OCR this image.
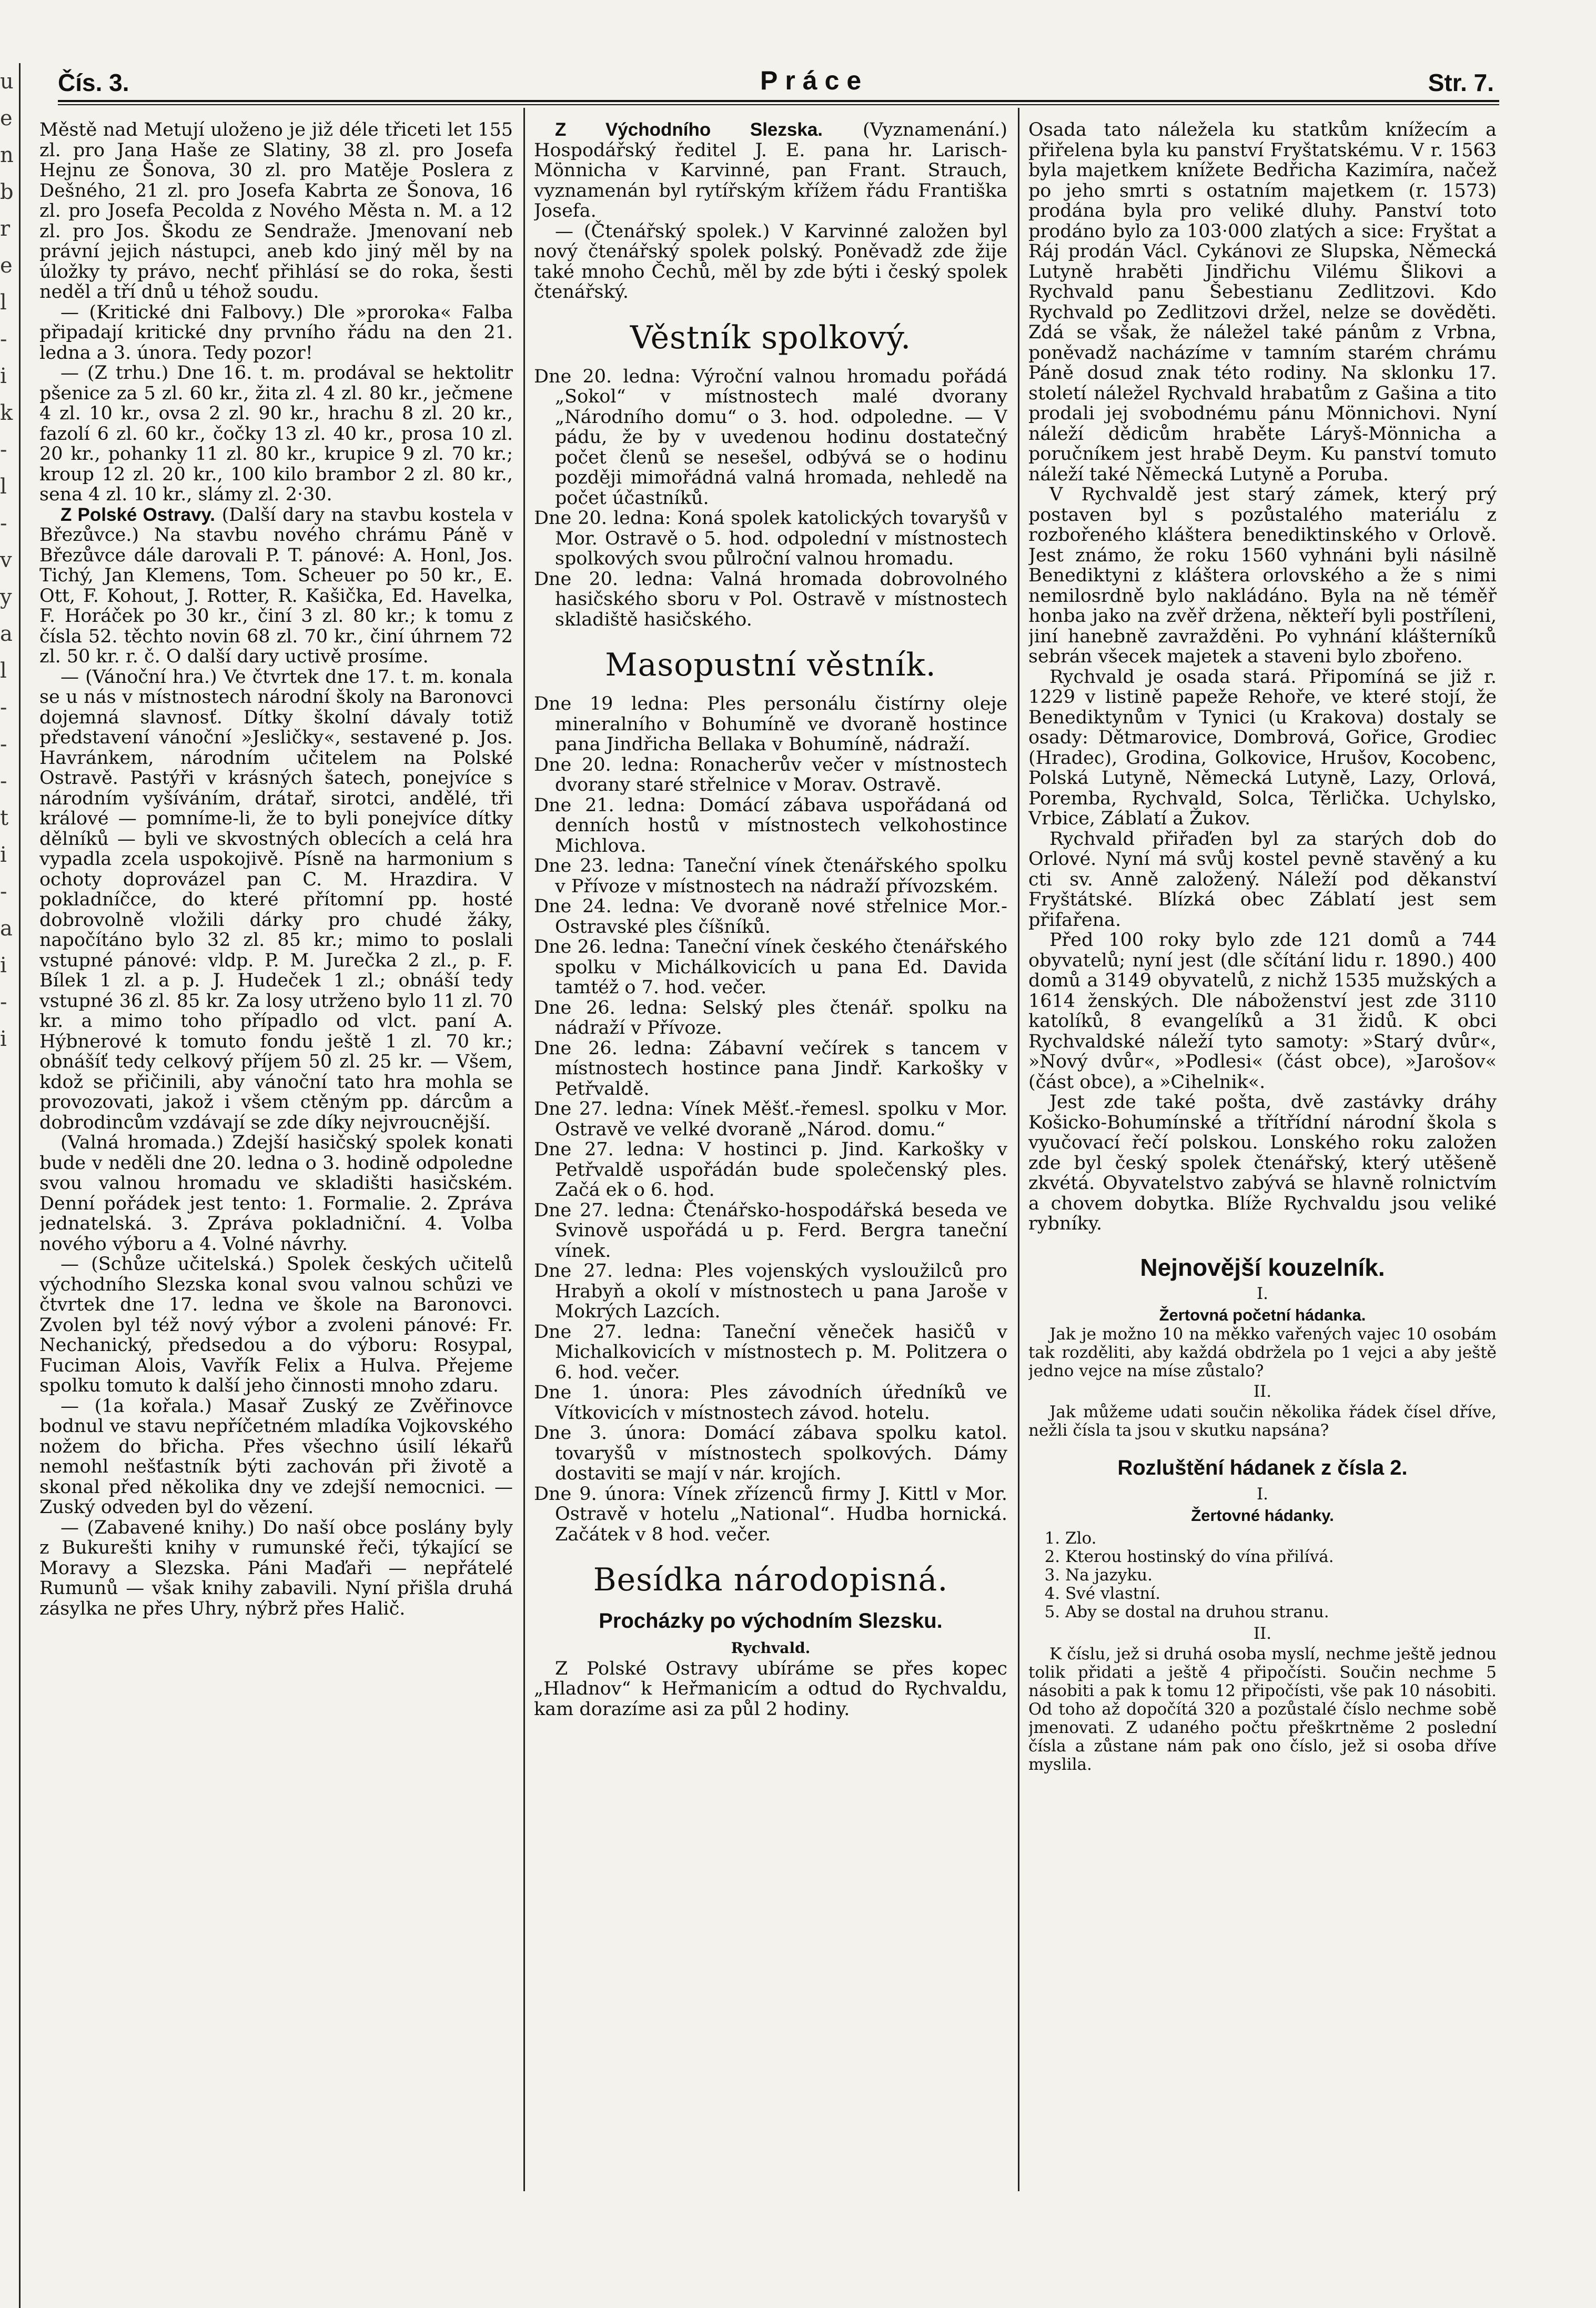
u e n b r e l - i k - l - v y a l - - - t i - a i - i
Čís. 3.	Práce	Str. 7.

Městě nad Metují uloženo je již déle třiceti let 155 zl. pro Jana Haše ze Slatiny, 38 zl. pro Josefa Hejnu ze Šonova, 30 zl. pro Matěje Poslera z Dešného, 21 zl. pro Josefa Kabrta ze Šonova, 16 zl. pro Josefa Pecolda z Nového Města n. M. a 12 zl. pro Jos. Škodu ze Sendraže. Jmenovaní neb právní jejich nástupci, aneb kdo jiný měl by na úložky ty právo, nechť přihlásí se do roka, šesti neděl a tří dnů u téhož soudu.

— (Kritické dni Falbovy.) Dle »proroka« Falba připadají kritické dny prvního řádu na den 21. ledna a 3. února. Tedy pozor!

— (Z trhu.) Dne 16. t. m. prodával se hektolitr pšenice za 5 zl. 60 kr., žita zl. 4 zl. 80 kr., ječmene 4 zl. 10 kr., ovsa 2 zl. 90 kr., hrachu 8 zl. 20 kr., fazolí 6 zl. 60 kr., čočky 13 zl. 40 kr., prosa 10 zl. 20 kr., pohanky 11 zl. 80 kr., krupice 9 zl. 70 kr.; kroup 12 zl. 20 kr., 100 kilo brambor 2 zl. 80 kr., sena 4 zl. 10 kr., slámy zl. 2·30.

Z Polské Ostravy. (Další dary na stavbu kostela v Březůvce.) Na stavbu nového chrámu Páně v Březůvce dále darovali P. T. pánové: A. Honl, Jos. Tichý, Jan Klemens, Tom. Scheuer po 50 kr., E. Ott, F. Kohout, J. Rotter, R. Kašička, Ed. Havelka, F. Horáček po 30 kr., činí 3 zl. 80 kr.; k tomu z čísla 52. těchto novin 68 zl. 70 kr., činí úhrnem 72 zl. 50 kr. r. č. O další dary uctivě prosíme.

— (Vánoční hra.) Ve čtvrtek dne 17. t. m. konala se u nás v místnostech národní školy na Baronovci dojemná slavnosť. Dítky školní dávaly totiž představení vánoční »Jesličky«, sestavené p. Jos. Havránkem, národním učitelem na Polské Ostravě. Pastýři v krásných šatech, ponejvíce s národním vyšíváním, drátař, sirotci, andělé, tři králové — pomníme-li, že to byli ponejvíce dítky dělníků — byli ve skvostných oblecích a celá hra vypadla zcela uspokojivě. Písně na harmonium s ochoty doprovázel pan C. M. Hrazdira. V pokladníčce, do které přítomní pp. hosté dobrovolně vložili dárky pro chudé žáky, napočítáno bylo 32 zl. 85 kr.; mimo to poslali vstupné pánové: vldp. P. M. Jurečka 2 zl., p. F. Bílek 1 zl. a p. J. Hudeček 1 zl.; obnáší tedy vstupné 36 zl. 85 kr. Za losy utrženo bylo 11 zl. 70 kr. a mimo toho případlo od vlct. paní A. Hýbnerové k tomuto fondu ještě 1 zl. 70 kr.; obnášíť tedy celkový příjem 50 zl. 25 kr. — Všem, kdož se přičinili, aby vánoční tato hra mohla se provozovati, jakož i všem ctěným pp. dárcům a dobrodincům vzdávají se zde díky nejvroucnější.

(Valná hromada.) Zdejší hasičský spolek konati bude v neděli dne 20. ledna o 3. hodině odpoledne svou valnou hromadu ve skladišti hasičském. Denní pořádek jest tento: 1. Formalie. 2. Zpráva jednatelská. 3. Zpráva pokladniční. 4. Volba nového výboru a 4. Volné návrhy.

— (Schůze učitelská.) Spolek českých učitelů východního Slezska konal svou valnou schůzi ve čtvrtek dne 17. ledna ve škole na Baronovci. Zvolen byl též nový výbor a zvoleni pánové: Fr. Nechanický, předsedou a do výboru: Rosypal, Fuciman Alois, Vavřík Felix a Hulva. Přejeme spolku tomuto k další jeho činnosti mnoho zdaru.

— (1a kořala.) Masař Zuský ze Zvěřinovce bodnul ve stavu nepříčetném mladíka Vojkovského nožem do břicha. Přes všechno úsilí lékařů nemohl nešťastník býti zachován při životě a skonal před několika dny ve zdejší nemocnici. — Zuský odveden byl do vězení.

— (Zabavené knihy.) Do naší obce poslány byly z Bukurešti knihy v rumunské řeči, týkající se Moravy a Slezska. Páni Maďaři — nepřátelé Rumunů — však knihy zabavili. Nyní přišla druhá zásylka ne přes Uhry, nýbrž přes Halič.

Z Východního Slezska. (Vyznamenání.) Hospodářský ředitel J. E. pana hr. Larisch-Mönnicha v Karvinné, pan Frant. Strauch, vyznamenán byl rytířským křížem řádu Františka Josefa.

— (Čtenářský spolek.) V Karvinné založen byl nový čtenářský spolek polský. Poněvadž zde žije také mnoho Čechů, měl by zde býti i český spolek čtenářský.

Věstník spolkový.

Dne 20. ledna: Výroční valnou hromadu pořádá „Sokol“ v místnostech malé dvorany „Národního domu“ o 3. hod. odpoledne. — V pádu, že by v uvedenou hodinu dostatečný počet členů se nesešel, odbývá se o hodinu později mimořádná valná hromada, nehledě na počet účastníků.

Dne 20. ledna: Koná spolek katolických tovaryšů v Mor. Ostravě o 5. hod. odpolední v místnostech spolkových svou půlroční valnou hromadu.

Dne 20. ledna: Valná hromada dobrovolného hasičského sboru v Pol. Ostravě v místnostech skladiště hasičského.

Masopustní věstník.

Dne 19 ledna: Ples personálu čistírny oleje mineralního v Bohumíně ve dvoraně hostince pana Jindřicha Bellaka v Bohumíně, nádraží.

Dne 20. ledna: Ronacherův večer v místnostech dvorany staré střelnice v Morav. Ostravě.

Dne 21. ledna: Domácí zábava uspořádaná od denních hostů v místnostech velkohostince Michlova.

Dne 23. ledna: Taneční vínek čtenářského spolku v Přívoze v místnostech na nádraží přívozském.

Dne 24. ledna: Ve dvoraně nové střelnice Mor.-Ostravské ples číšníků.

Dne 26. ledna: Taneční vínek českého čtenářského spolku v Michálkovicích u pana Ed. Davida tamtéž o 7. hod. večer.

Dne 26. ledna: Selský ples čtenář. spolku na nádraží v Přívoze.

Dne 26. ledna: Zábavní večírek s tancem v místnostech hostince pana Jindř. Karkošky v Petřvaldě.

Dne 27. ledna: Vínek Měšť.-řemesl. spolku v Mor. Ostravě ve velké dvoraně „Národ. domu.“

Dne 27. ledna: V hostinci p. Jind. Karkošky v Petřvaldě uspořádán bude společenský ples. Začá ek o 6. hod.

Dne 27. ledna: Čtenářsko-hospodářská beseda ve Svinově uspořádá u p. Ferd. Bergra taneční vínek.

Dne 27. ledna: Ples vojenských vysloužilců pro Hrabyň a okolí v místnostech u pana Jaroše v Mokrých Lazcích.

Dne 27. ledna: Taneční věneček hasičů v Michalkovicích v místnostech p. M. Politzera o 6. hod. večer.

Dne 1. února: Ples závodních úředníků ve Vítkovicích v místnostech závod. hotelu.

Dne 3. února: Domácí zábava spolku katol. tovaryšů v místnostech spolkových. Dámy dostaviti se mají v nár. krojích.

Dne 9. února: Vínek zřízenců firmy J. Kittl v Mor. Ostravě v hotelu „National“. Hudba hornická. Začátek v 8 hod. večer.

Besídka národopisná.
Procházky po východním Slezsku.

Rychvald.

Z Polské Ostravy ubíráme se přes kopec „Hladnov“ k Heřmanicím a odtud do Rychvaldu, kam dorazíme asi za půl 2 hodiny.

Osada tato náležela ku statkům knížecím a přiřelena byla ku panství Fryštatskému. V r. 1563 byla majetkem knížete Bedřicha Kazimíra, načež po jeho smrti s ostatním majetkem (r. 1573) prodána byla pro veliké dluhy. Panství toto prodáno bylo za 103·000 zlatých a sice: Fryštat a Ráj prodán Václ. Cykánovi ze Slupska, Německá Lutyně hraběti Jindřichu Vilému Šlikovi a Rychvald panu Šebestianu Zedlitzovi. Kdo Rychvald po Zedlitzovi držel, nelze se dověděti. Zdá se však, že náležel také pánům z Vrbna, poněvadž nacházíme v tamním starém chrámu Páně dosud znak této rodiny. Na sklonku 17. století náležel Rychvald hrabatům z Gašina a tito prodali jej svobodnému pánu Mönnichovi. Nyní náleží dědicům hraběte Láryš-Mönnicha a poručníkem jest hrabě Deym. Ku panství tomuto náleží také Německá Lutyně a Poruba.

V Rychvaldě jest starý zámek, který prý postaven byl s pozůstalého materiálu z rozbořeného kláštera benediktinského v Orlově. Jest známo, že roku 1560 vyhnáni byli násilně Benediktyni z kláštera orlovského a že s nimi nemilosrdně bylo nakládáno. Byla na ně téměř honba jako na zvěř držena, někteří byli postříleni, jiní hanebně zavražděni. Po vyhnání klášterníků sebrán všecek majetek a staveni bylo zbořeno.

Rychvald je osada stará. Připomíná se již r. 1229 v listině papeže Rehoře, ve které stojí, že Benediktynům v Tynici (u Krakova) dostaly se osady: Dětmarovice, Dombrová, Gořice, Grodiec (Hradec), Grodina, Golkovice, Hrušov, Kocobenc, Polská Lutyně, Německá Lutyně, Lazy, Orlová, Poremba, Rychvald, Solca, Těrlička. Uchylsko, Vrbice, Záblatí a Žukov.

Rychvald přiřaďen byl za starých dob do Orlové. Nyní má svůj kostel pevně stavěný a ku cti sv. Anně založený. Náleží pod děkanství Fryštátské. Blízká obec Záblatí jest sem přifařena.

Před 100 roky bylo zde 121 domů a 744 obyvatelů; nyní jest (dle sčítání lidu r. 1890.) 400 domů a 3149 obyvatelů, z nichž 1535 mužských a 1614 ženských. Dle náboženství jest zde 3110 katolíků, 8 evangelíků a 31 židů. K obci Rychvaldské náleží tyto samoty: »Starý dvůr«, »Nový dvůr«, »Podlesi« (část obce), »Jarošov« (část obce), a »Cihelnik«.

Jest zde také pošta, dvě zastávky dráhy Košicko-Bohumínské a třítřídní národní škola s vyučovací řečí polskou. Lonského roku založen zde byl český spolek čtenářský, který utěšeně zkvétá. Obyvatelstvo zabývá se hlavně rolnictvím a chovem dobytka. Blíže Rychvaldu jsou veliké rybníky.

Nejnovější kouzelník.

I.

Žertovná početní hádanka.

Jak je možno 10 na měkko vařených vajec 10 osobám tak rozděliti, aby každá obdržela po 1 vejci a aby ještě jedno vejce na míse zůstalo?

II.

Jak můžeme udati součin několika řádek čísel dříve, nežli čísla ta jsou v skutku napsána?

Rozluštění hádanek z čísla 2.

I.

Žertovné hádanky.

1. Zlo.
2. Kterou hostinský do vína přilívá.
3. Na jazyku.
4. Své vlastní.
5. Aby se dostal na druhou stranu.

II.

K číslu, jež si druhá osoba myslí, nechme ještě jednou tolik přidati a ještě 4 připočísti. Součin nechme 5 násobiti a pak k tomu 12 připočísti, vše pak 10 násobiti. Od toho až dopočítá 320 a pozůstalé číslo nechme sobě jmenovati. Z udaného počtu přeškrtněme 2 poslední čísla a zůstane nám pak ono číslo, jež si osoba dříve myslila.
